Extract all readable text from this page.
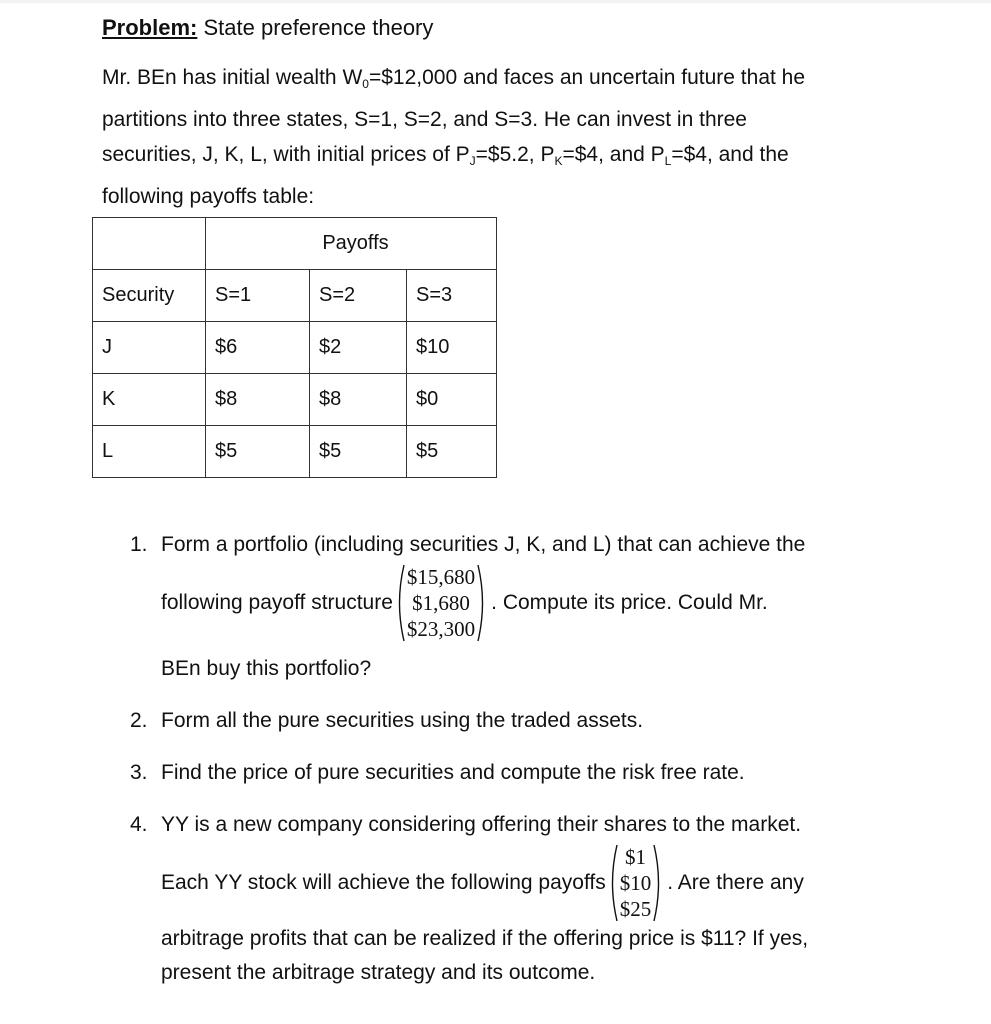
Problem: State preference theory
Mr. BEn has initial wealth $W_0=\$12,000$ and faces an uncertain future that he
partitions into three states, S=1, S=2, and S=3. He can invest in three
securities, J, K, L, with initial prices of $P_J=\$5.2$, $P_K=\$4$, and $P_L=\$4$, and the
following payoffs table:
	Payoffs		
Security	S=1	S=2	S=3
J	$6	$2	$10
K	$8	$8	$0
L	$5	$5	$5
1. Form a portfolio (including securities J, K, and L) that can achieve the
following payoff structure
$15,680
$1,680
$23,300
. Compute its price. Could Mr.
BEn buy this portfolio?
2. Form all the pure securities using the traded assets.
3. Find the price of pure securities and compute the risk free rate.
4. YY is a new company considering offering their shares to the market.
Each YY stock will achieve the following payoffs
$1
$10
$25
. Are there any
arbitrage profits that can be realized if the offering price is $11? If yes,
present the arbitrage strategy and its outcome.
